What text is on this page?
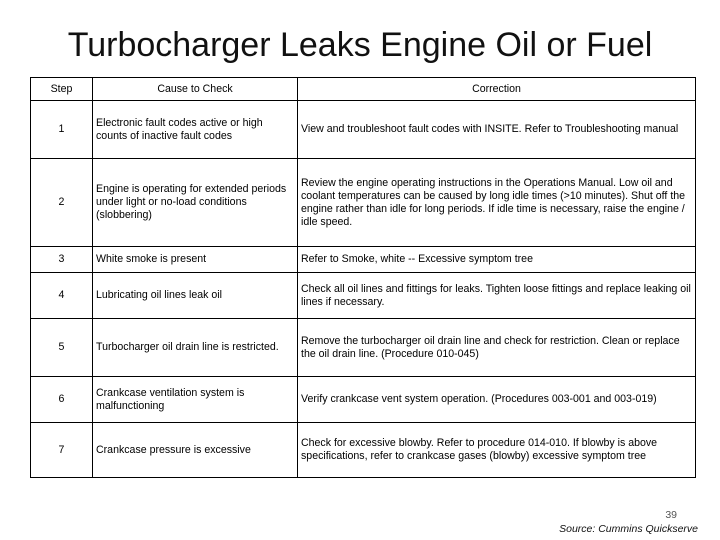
Turbocharger Leaks Engine Oil or Fuel
Step	Cause to Check	Correction
1	Electronic fault codes active or high counts of inactive fault codes	View and troubleshoot fault codes with INSITE. Refer to Troubleshooting manual
2	Engine is operating for extended periods under light or no-load conditions (slobbering)	Review the engine operating instructions in the Operations Manual. Low oil and coolant temperatures can be caused by long idle times (>10 minutes). Shut off the engine rather than idle for long periods. If idle time is necessary, raise the engine / idle speed.
3	White smoke is present	Refer to Smoke, white -- Excessive symptom tree
4	Lubricating oil lines leak oil	Check all oil lines and fittings for leaks. Tighten loose fittings and replace leaking oil lines if necessary.
5	Turbocharger oil drain line is restricted.	Remove the turbocharger oil drain line and check for restriction. Clean or replace the oil drain line. (Procedure 010-045)
6	Crankcase ventilation system is malfunctioning	Verify crankcase vent system operation. (Procedures 003-001 and 003-019)
7	Crankcase pressure is excessive	Check for excessive blowby. Refer to procedure 014-010. If blowby is above specifications, refer to crankcase gases (blowby) excessive symptom tree
39
Source: Cummins Quickserve
